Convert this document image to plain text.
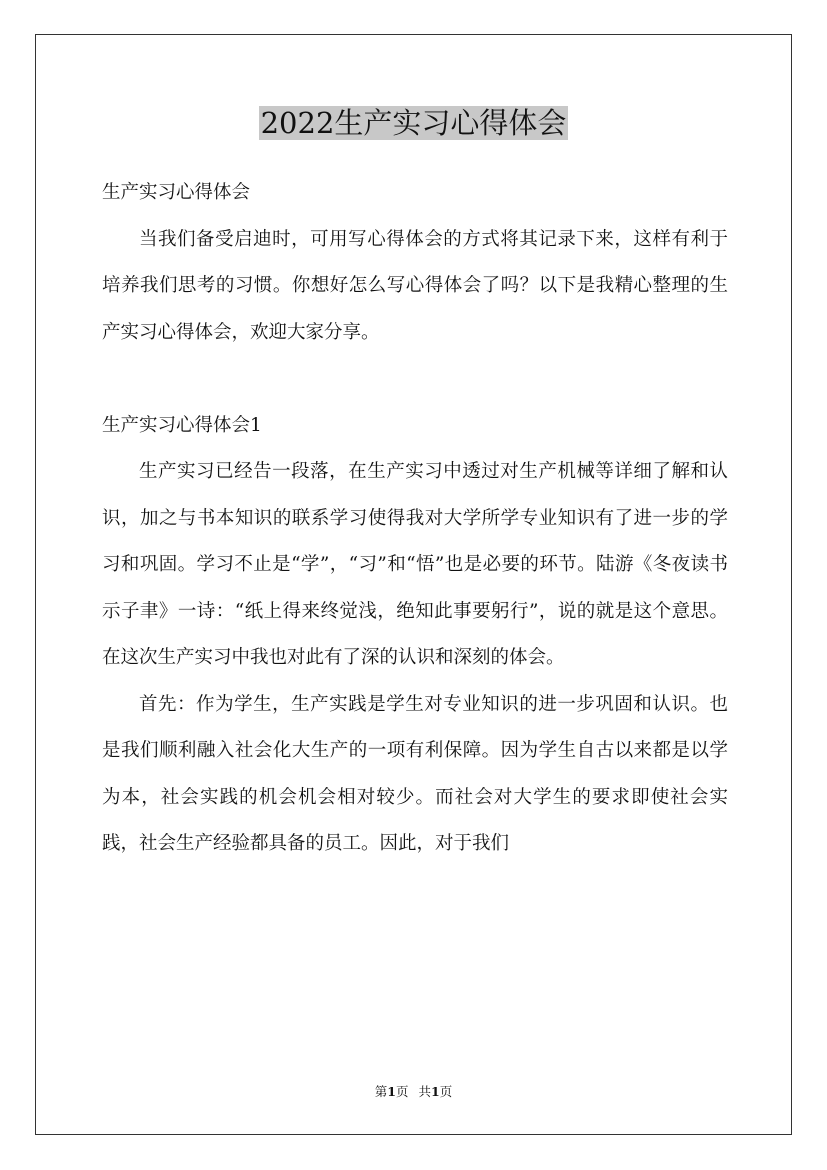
2022生产实习心得体会

生产实习心得体会

当我们备受启迪时，可用写心得体会的方式将其记录下来，这样有利于培养我们思考的习惯。你想好怎么写心得体会了吗？以下是我精心整理的生产实习心得体会，欢迎大家分享。

生产实习心得体会1

生产实习已经告一段落，在生产实习中透过对生产机械等详细了解和认识，加之与书本知识的联系学习使得我对大学所学专业知识有了进一步的学习和巩固。学习不止是“学”，“习”和“悟”也是必要的环节。陆游《冬夜读书示子聿》一诗：“纸上得来终觉浅，绝知此事要躬行”，说的就是这个意思。在这次生产实习中我也对此有了深的认识和深刻的体会。

首先：作为学生，生产实践是学生对专业知识的进一步巩固和认识。也是我们顺利融入社会化大生产的一项有利保障。因为学生自古以来都是以学为本，社会实践的机会机会相对较少。而社会对大学生的要求即使社会实践，社会生产经验都具备的员工。因此，对于我们

第1页 共1页
